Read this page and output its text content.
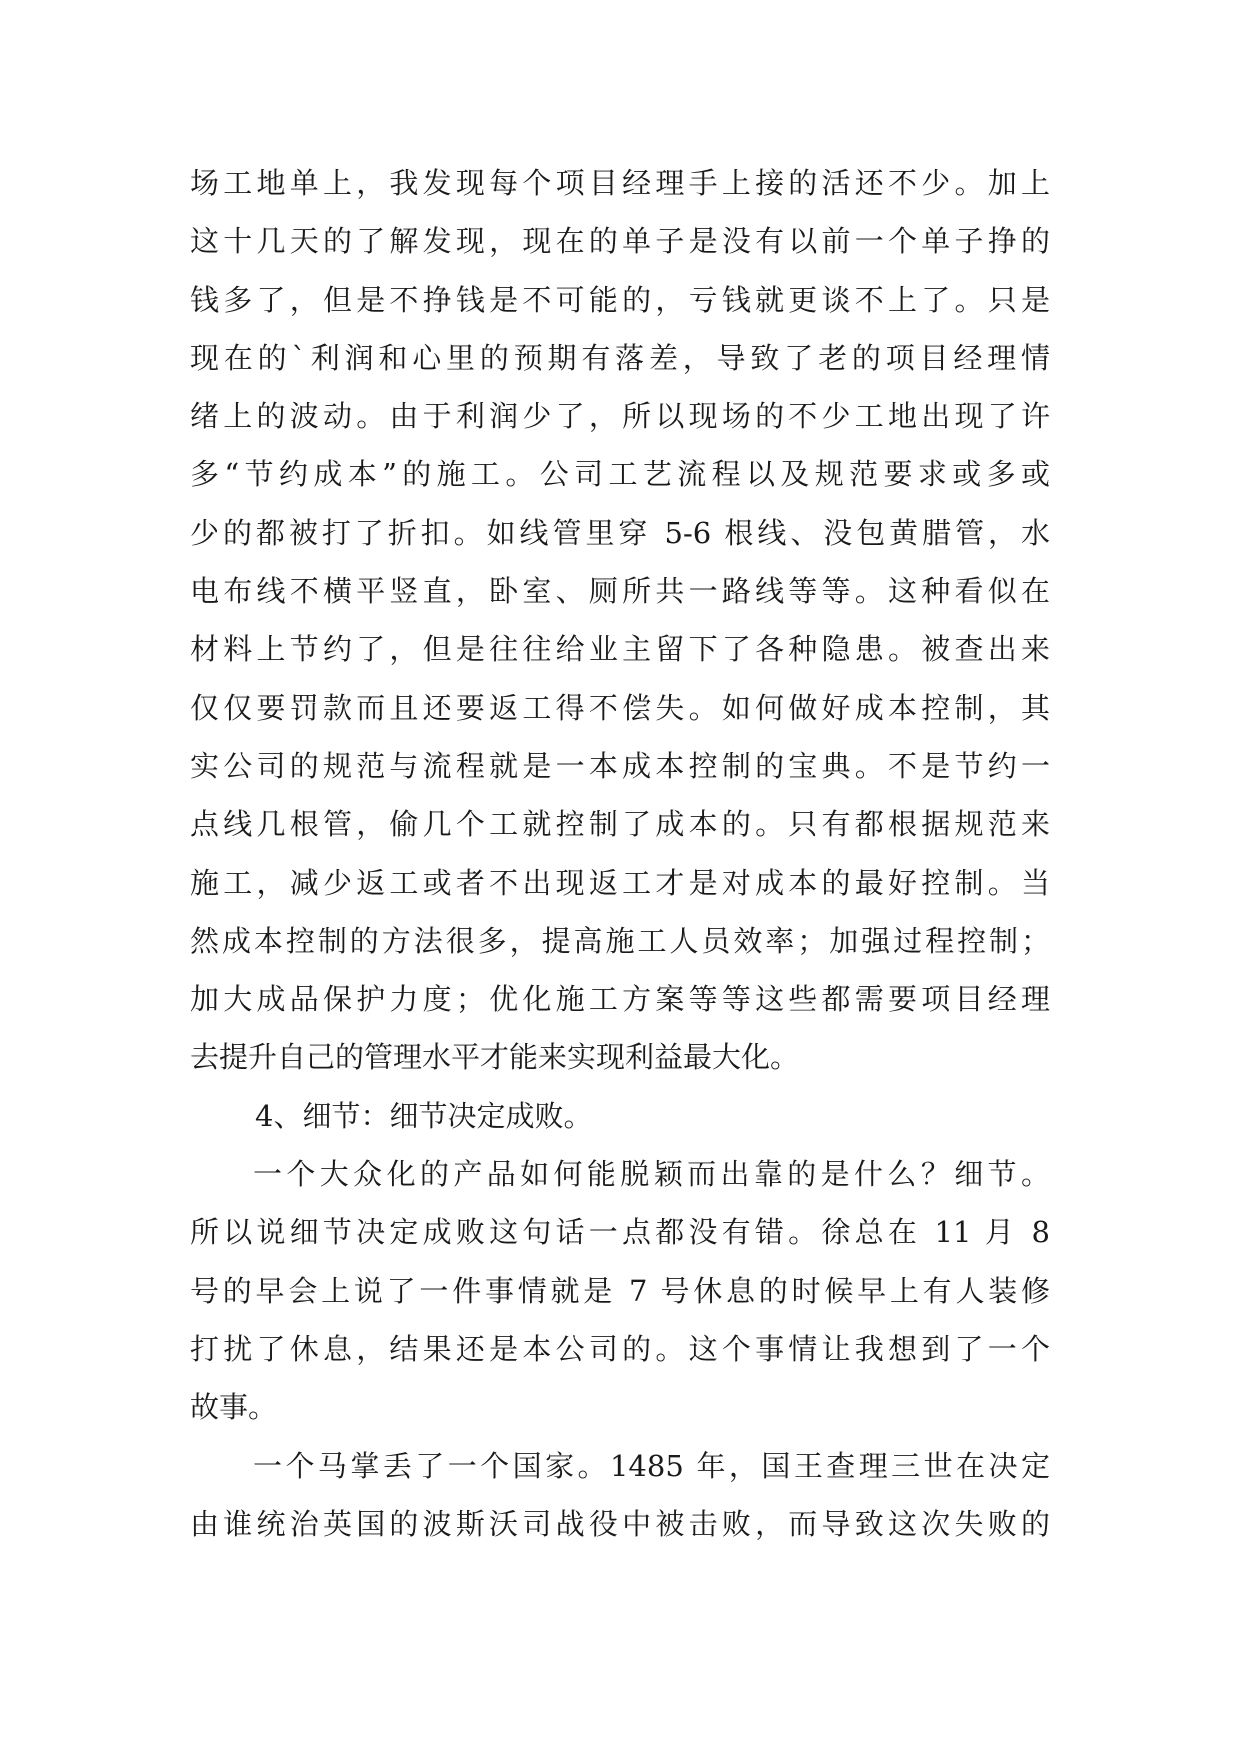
场工地单上，我发现每个项目经理手上接的活还不少。加上
这十几天的了解发现，现在的单子是没有以前一个单子挣的
钱多了，但是不挣钱是不可能的，亏钱就更谈不上了。只是
现在的`利润和心里的预期有落差，导致了老的项目经理情
绪上的波动。由于利润少了，所以现场的不少工地出现了许
多“节约成本”的施工。公司工艺流程以及规范要求或多或
少的都被打了折扣。如线管里穿 5-6 根线、没包黄腊管，水
电布线不横平竖直，卧室、厕所共一路线等等。这种看似在
材料上节约了，但是往往给业主留下了各种隐患。被查出来
仅仅要罚款而且还要返工得不偿失。如何做好成本控制，其
实公司的规范与流程就是一本成本控制的宝典。不是节约一
点线几根管，偷几个工就控制了成本的。只有都根据规范来
施工，减少返工或者不出现返工才是对成本的最好控制。当
然成本控制的方法很多，提高施工人员效率；加强过程控制；
加大成品保护力度；优化施工方案等等这些都需要项目经理
去提升自己的管理水平才能来实现利益最大化。
4、细节：细节决定成败。
一个大众化的产品如何能脱颖而出靠的是什么？细节。
所以说细节决定成败这句话一点都没有错。徐总在 11 月 8
号的早会上说了一件事情就是 7 号休息的时候早上有人装修
打扰了休息，结果还是本公司的。这个事情让我想到了一个
故事。
一个马掌丢了一个国家。1485 年，国王查理三世在决定
由谁统治英国的波斯沃司战役中被击败，而导致这次失败的
